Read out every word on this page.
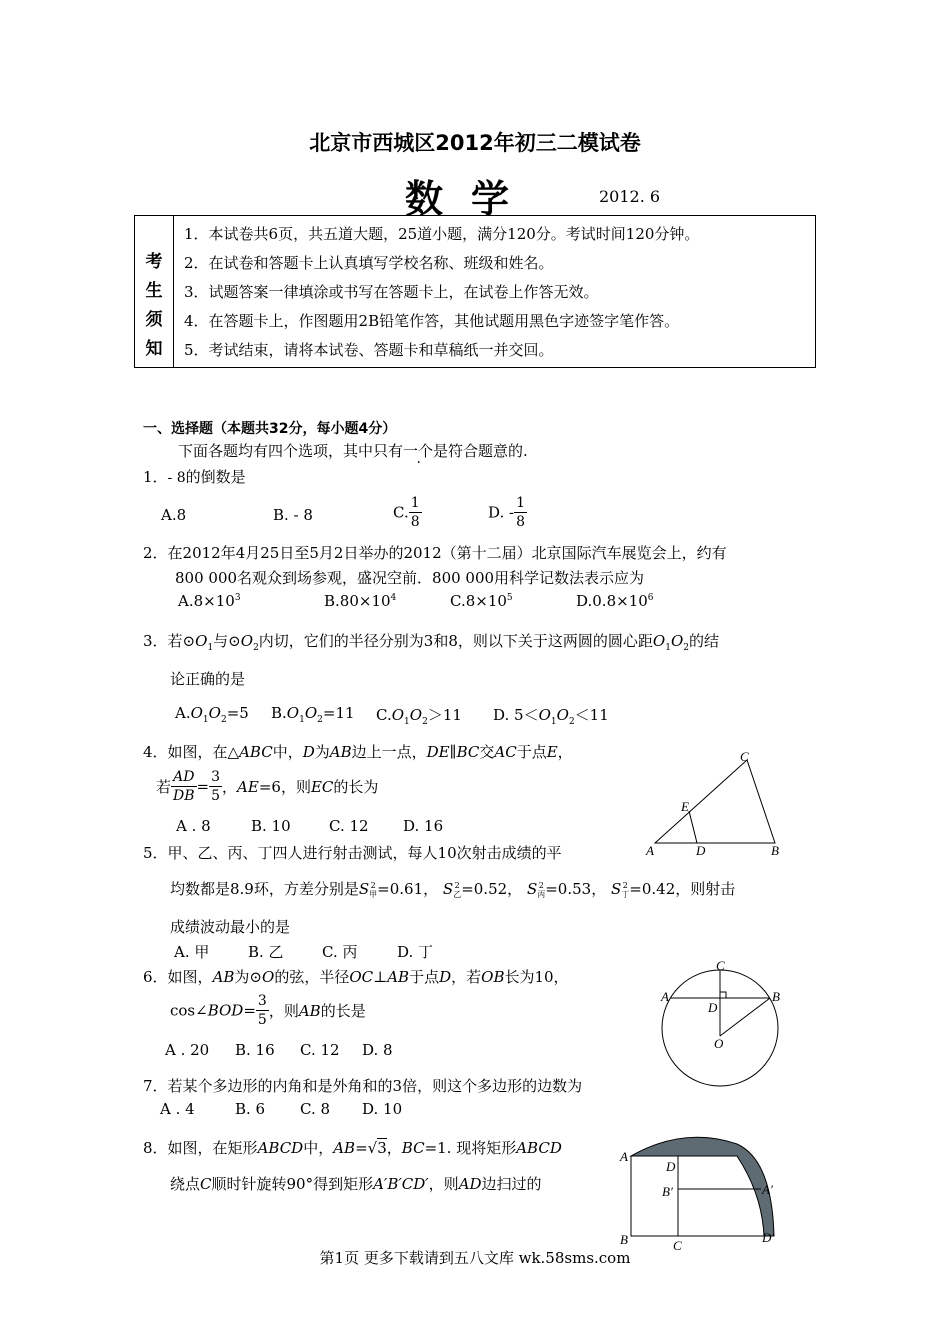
北京市西城区2012年初三二模试卷
数学	2012. 6
考
生
须
知

1．本试卷共6页，共五道大题，25道小题，满分120分。考试时间120分钟。
2．在试卷和答题卡上认真填写学校名称、班级和姓名。
3．试题答案一律填涂或书写在答题卡上，在试卷上作答无效。
4．在答题卡上，作图题用2B铅笔作答，其他试题用黑色字迹签字笔作答。
5．考试结束，请将本试卷、答题卡和草稿纸一并交回。
一、选择题（本题共32分，每小题4分）
下面各题均有四个选项，其中只有一个是符合题意的.
1．- 8的倒数是
A.8	B. - 8	C. $\frac{1}{8}$	D. - $\frac{1}{8}$
2．在2012年4月25日至5月2日举办的2012（第十二届）北京国际汽车展览会上，约有
800 000名观众到场参观，盛况空前．800 000用科学记数法表示应为
$A.8\times 10^3$	$B.80\times 10^4$	$C.8\times 10^5$	$D.0.8\times 10^6$
3．若$⊙O_1$与$⊙O_2$内切，它们的半径分别为3和8，则以下关于这两圆的圆心距$O_1O_2$的结
论正确的是
$A.O_1O_2=5$ $B.O_1O_2=11$ $C.O_1O_2>11$ D. $5<O_1O_2<11$
4．如图，在△ABC中，D为AB边上一点，DE∥BC交AC于点E，
若 $\frac{AD}{DB} = \frac{3}{5}$ ，AE=6，则EC的长为
A . 8	B. 10	C. 12 D. 16
C
E
A	D	B
5．甲、乙、丙、丁四人进行射击测试，每人10次射击成绩的平
均数都是8.9环，方差分别是S 2
甲 =0.61， S 2
乙 =0.52， S 2
丙 =0.53， S 2
丁 =0.42，则射击
成绩波动最小的是
A. 甲	B. 乙	C. 丙	D. 丁
6．如图，AB为⊙O的弦，半径OC⊥AB于点D，若OB长为10，
cos∠BOD= $\frac{3}{5}$ ，则AB的长是
A . 20 B. 16 C. 12 D. 8
C
A	B
D
O
7．若某个多边形的内角和是外角和的3倍，则这个多边形的边数为
A . 4	B. 6 C. 8 D. 10
8．如图，在矩形ABCD中，AB=√3，BC=1. 现将矩形ABCD
绕点C顺时针旋转90°得到矩形A′B′CD′，则AD边扫过的
A
D
B′	A′
B	C
D′
第1页 更多下载请到五八文库 wk.58sms.com
